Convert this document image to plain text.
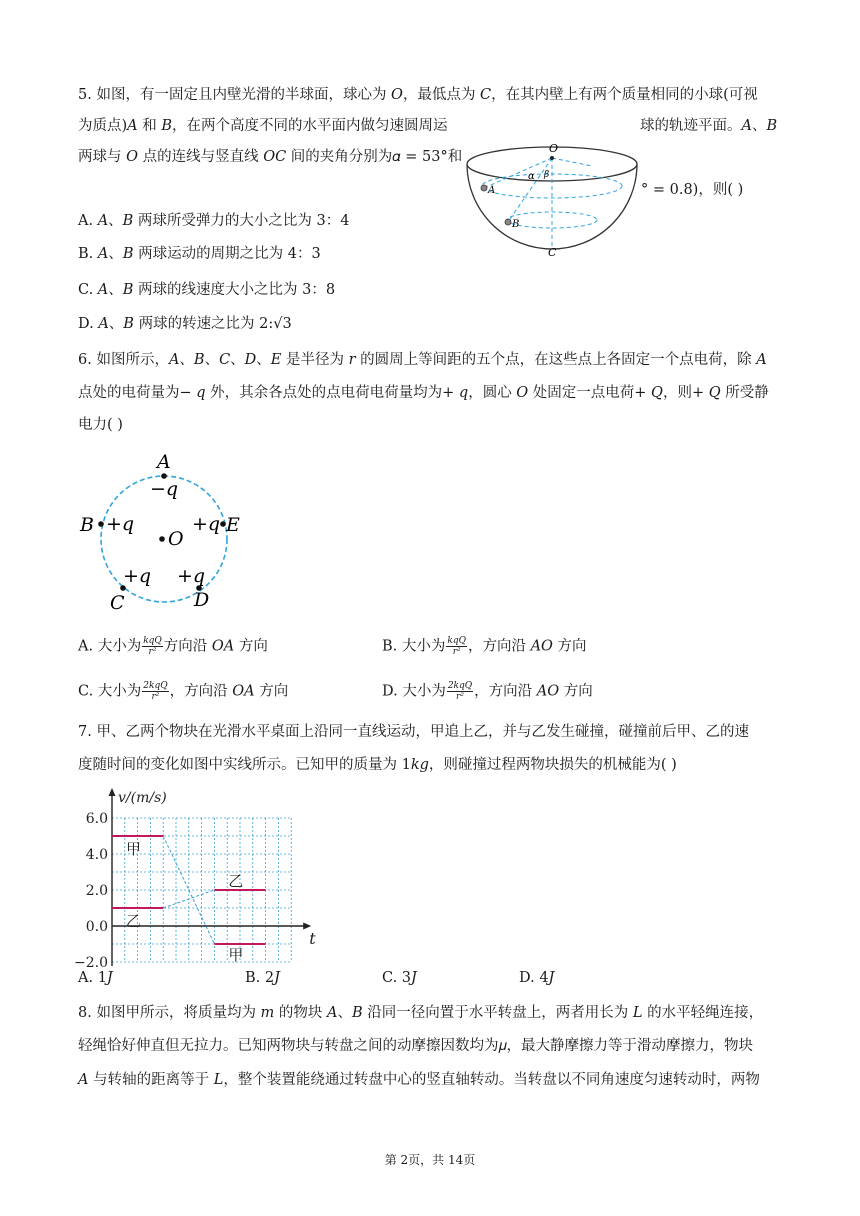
5. 如图，有一固定且内壁光滑的半球面，球心为 𝑂，最低点为 𝐶，在其内壁上有两个质量相同的小球(可视
为质点)𝐴 和 𝐵，在两个高度不同的水平面内做匀速圆周运	球的轨迹平面。𝐴、𝐵
两球与 𝑂 点的连线与竖直线 𝑂𝐶 间的夹角分别为𝛼 = 53°和
° = 0.8)，则( )
A. 𝐴、𝐵 两球所受弹力的大小之比为 3：4
B. 𝐴、𝐵 两球运动的周期之比为 4：3
C. 𝐴、𝐵 两球的线速度大小之比为 3：8
D. 𝐴、𝐵 两球的转速之比为 2:√3
O
A
B
C
α β
6. 如图所示，𝐴、𝐵、𝐶、𝐷、𝐸 是半径为 𝑟 的圆周上等间距的五个点，在这些点上各固定一个点电荷，除 𝐴
点处的电荷量为− 𝑞 外，其余各点处的点电荷电荷量均为+ 𝑞，圆心 𝑂 处固定一点电荷+ 𝑄，则+ 𝑄 所受静
电力( )
A
−q
B +q	+q E
O
+q +q
C	D
A. 大小为 $\frac{\text{kqQ}}{\text{r²}}$ 方向沿 𝑂𝐴 方向	B. 大小为 $\frac{\text{kqQ}}{\text{r²}}$ ，方向沿 𝐴𝑂 方向
C. 大小为 $\frac{\text{2kqQ}}{\text{r²}}$ ，方向沿 𝑂𝐴 方向	D. 大小为 $\frac{\text{2kqQ}}{\text{r²}}$ ，方向沿 𝐴𝑂 方向
7. 甲、乙两个物块在光滑水平桌面上沿同一直线运动，甲追上乙，并与乙发生碰撞，碰撞前后甲、乙的速
度随时间的变化如图中实线所示。已知甲的质量为 1𝑘𝑔，则碰撞过程两物块损失的机械能为( )
6.0
4.0
2.0
0.0
−2.0
v/(m/s)
t
甲
甲
乙
乙
A. 1𝐽	B. 2𝐽	C. 3𝐽	D. 4𝐽
8. 如图甲所示，将质量均为 𝑚 的物块 𝐴、𝐵 沿同一径向置于水平转盘上，两者用长为 𝐿 的水平轻绳连接，
轻绳恰好伸直但无拉力。已知两物块与转盘之间的动摩擦因数均为𝜇，最大静摩擦力等于滑动摩擦力，物块
𝐴 与转轴的距离等于 𝐿，整个装置能绕通过转盘中心的竖直轴转动。当转盘以不同角速度匀速转动时，两物
第 2页，共 14页
